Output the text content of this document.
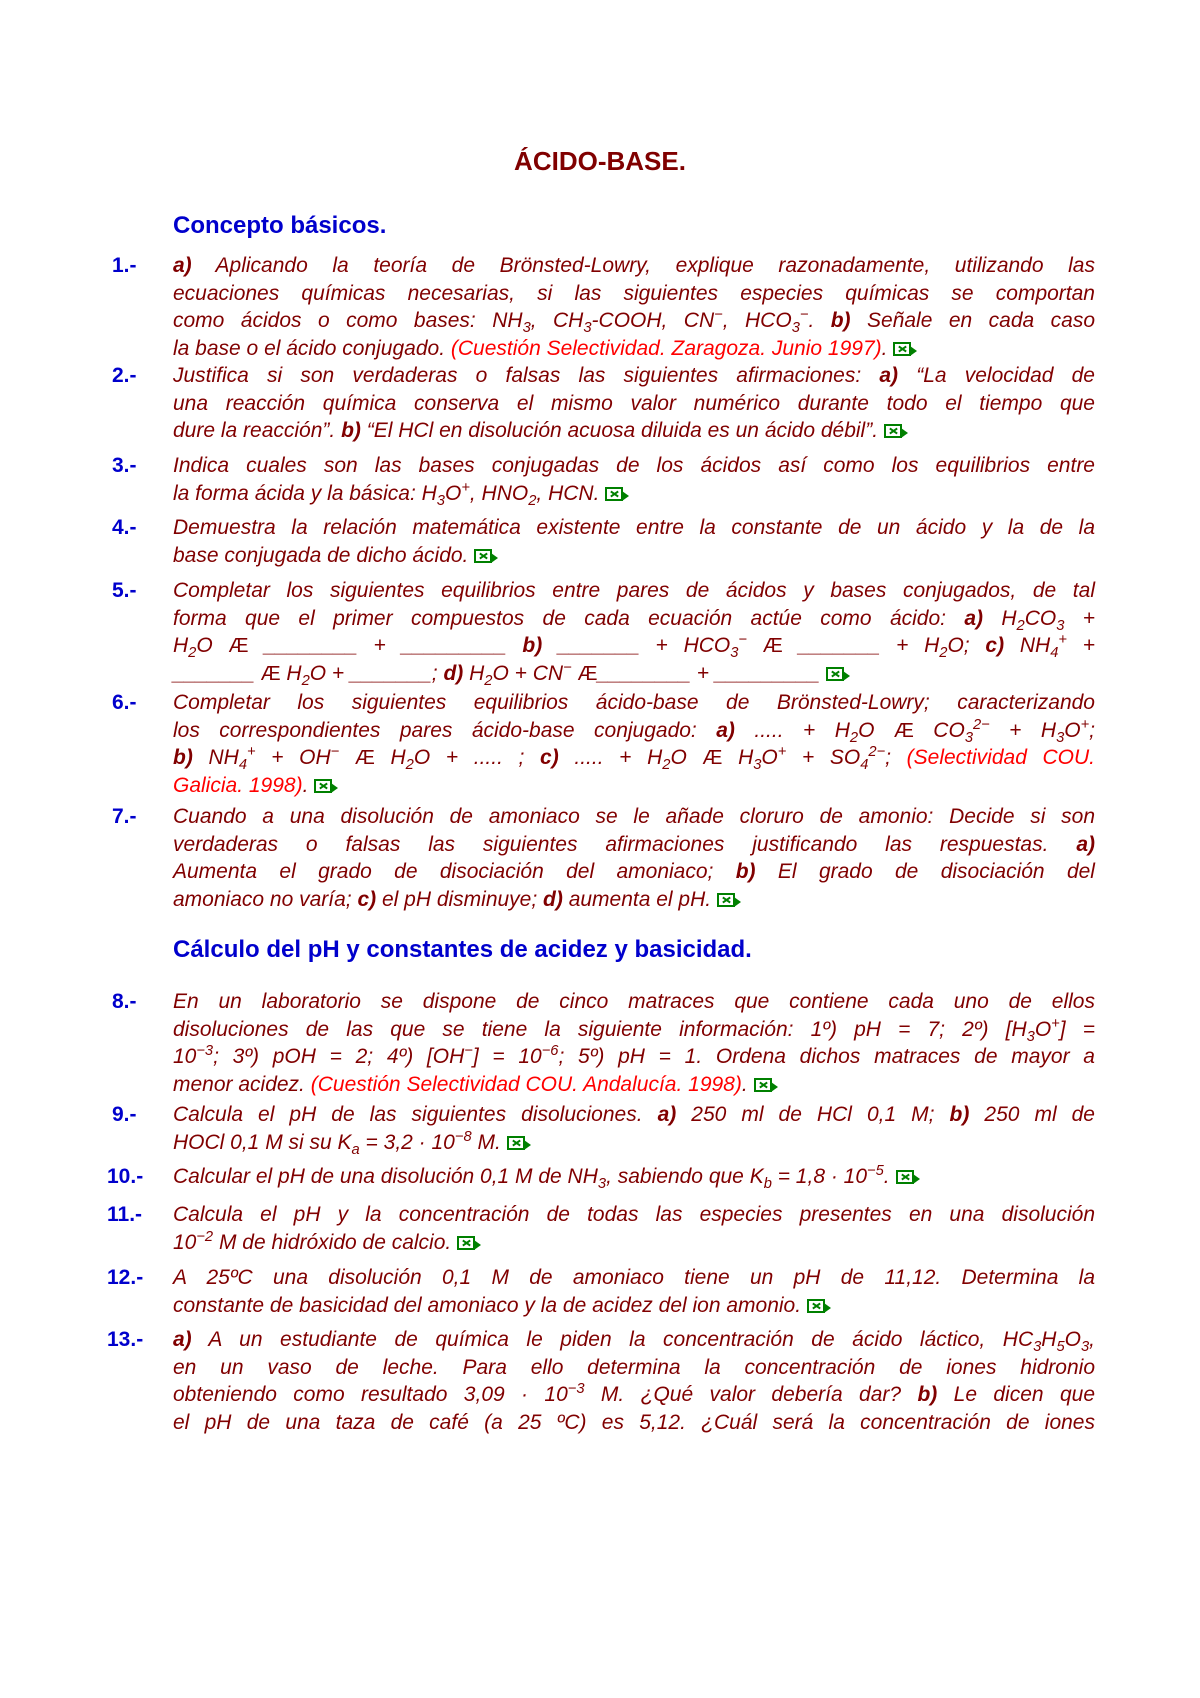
ÁCIDO-BASE.
Concepto básicos.
Cálculo del pH y constantes de acidez y basicidad.
1.-	a) Aplicando la teoría de Brönsted-Lowry, explique razonadamente, utilizando las
ecuaciones químicas necesarias, si las siguientes especies químicas se comportan
como ácidos o como bases: $NH_3$, $CH_3$-COOH, CN−, $HCO_3^-$. b) Señale en cada caso
la base o el ácido conjugado. (Cuestión Selectividad. Zaragoza. Junio 1997).
2.-	Justifica si son verdaderas o falsas las siguientes afirmaciones: a) “La velocidad de
una reacción química conserva el mismo valor numérico durante todo el tiempo que
dure la reacción”. b) “El HCl en disolución acuosa diluida es un ácido débil”.
3.-	Indica cuales son las bases conjugadas de los ácidos así como los equilibrios entre
la forma ácida y la básica: $H_3O^+$, $HNO_2$, HCN.
4.-	Demuestra la relación matemática existente entre la constante de un ácido y la de la
base conjugada de dicho ácido.
5.-	Completar los siguientes equilibrios entre pares de ácidos y bases conjugados, de tal
forma que el primer compuestos de cada ecuación actúe como ácido: a) $H_2CO_3$ +
$H_2O$ Æ ________ + _________ b) _______ + $HCO_3^-$ Æ _______ + $H_2O$; c) $NH_4^+$ +
_______ Æ $H_2O$ + _______; d) $H_2O + CN^-$ Æ________ + _________
6.-	Completar los siguientes equilibrios ácido-base de Brönsted-Lowry; caracterizando
los correspondientes pares ácido-base conjugado: a) ..... + $H_2O$ Æ $CO_3^{2-} + H_3O^+$;
b) $NH_4^+ + OH^-$ Æ $H_2O$ + ..... ; c) ..... + $H_2O$ Æ $H_3O^+ + SO_4^{2-}$; (Selectividad COU.
Galicia. 1998).
7.-	Cuando a una disolución de amoniaco se le añade cloruro de amonio: Decide si son
verdaderas o falsas las siguientes afirmaciones justificando las respuestas. a)
Aumenta el grado de disociación del amoniaco; b) El grado de disociación del
amoniaco no varía; c) el pH disminuye; d) aumenta el pH.
8.-	En un laboratorio se dispone de cinco matraces que contiene cada uno de ellos
disoluciones de las que se tiene la siguiente información: 1º) pH = 7; 2º) $[H_3O^+]$ =
$10^{-3}$; 3º) pOH = 2; 4º) $[OH^-] = 10^{-6}$; 5º) pH = 1. Ordena dichos matraces de mayor a
menor acidez. (Cuestión Selectividad COU. Andalucía. 1998).
9.-	Calcula el pH de las siguientes disoluciones. a) 250 ml de HCl 0,1 M; b) 250 ml de
HOCl 0,1 M si su $K_a = 3,2 \cdot 10^{-8}$ M.
10.-	Calcular el pH de una disolución 0,1 M de $NH_3$, sabiendo que $K_b = 1,8 \cdot 10^{-5}$.
11.-	Calcula el pH y la concentración de todas las especies presentes en una disolución
$10^{-2}$ M de hidróxido de calcio.
12.-	A 25ºC una disolución 0,1 M de amoniaco tiene un pH de 11,12. Determina la
constante de basicidad del amoniaco y la de acidez del ion amonio.
13.-	a) A un estudiante de química le piden la concentración de ácido láctico, $HC_3H_5O_3$,
en un vaso de leche. Para ello determina la concentración de iones hidronio
obteniendo como resultado $3,09 \cdot 10^{-3}$ M. ¿Qué valor debería dar? b) Le dicen que
el pH de una taza de café (a 25 ºC) es 5,12. ¿Cuál será la concentración de iones
